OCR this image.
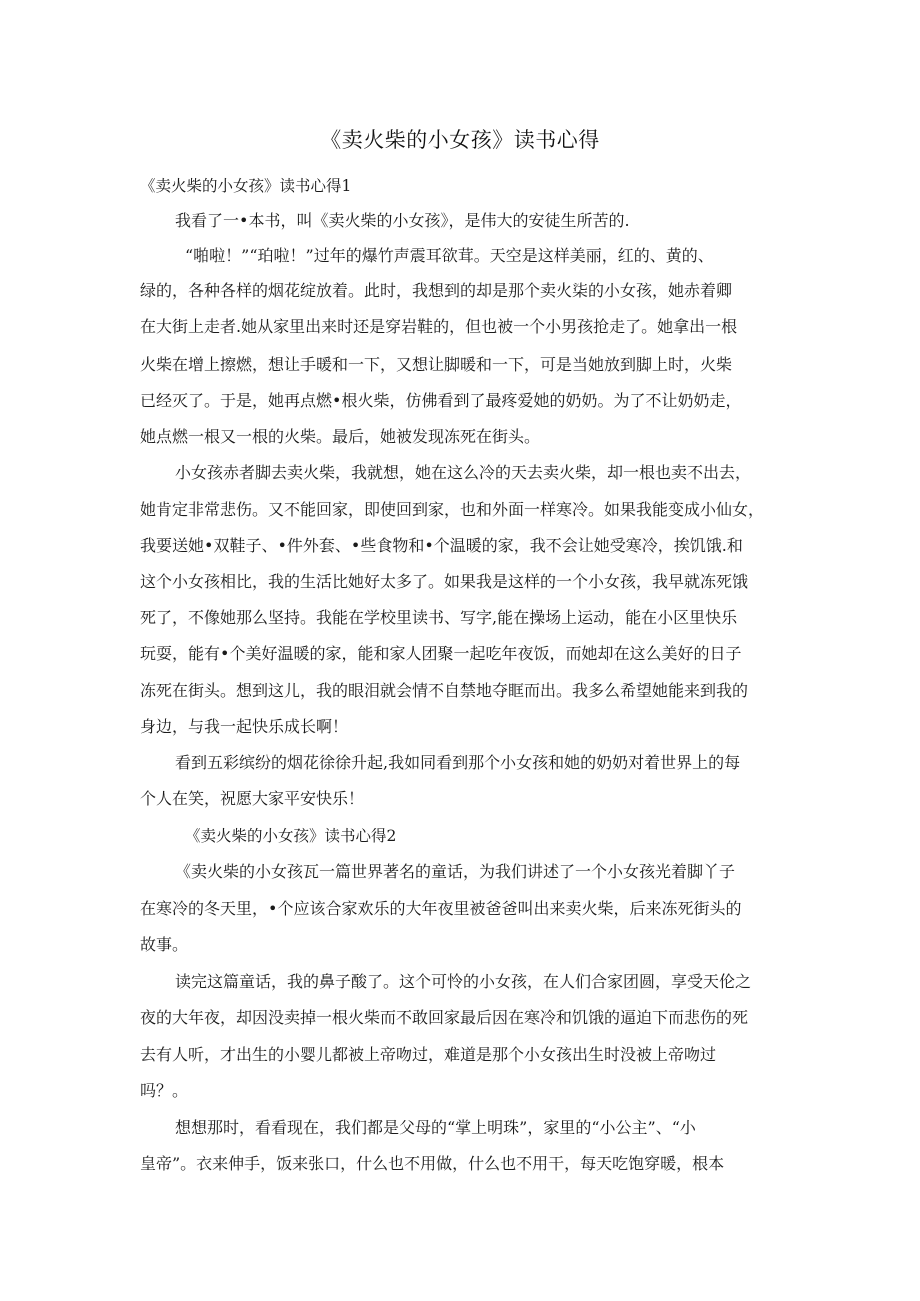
《卖火柴的小女孩》读书心得

《卖火柴的小女孩》读书心得1

我看了一•本书，叫《卖火柴的小女孩》，是伟大的安徒生所苦的.

“啪啦！”“珀啦！”过年的爆竹声震耳欲茸。天空是这样美丽，红的、黄的、

绿的，各种各样的烟花绽放着。此时，我想到的却是那个卖火柒的小女孩，她赤着卿

在大街上走者.她从家里出来时还是穿岩鞋的，但也被一个小男孩抢走了。她拿出一根

火柴在增上擦燃，想让手暖和一下，又想让脚暖和一下，可是当她放到脚上时，火柴

已经灭了。于是，她再点燃•根火柴，仿佛看到了最疼爱她的奶奶。为了不让奶奶走，

她点燃一根又一根的火柴。最后，她被发现冻死在街头。

小女孩赤者脚去卖火柴，我就想，她在这么冷的天去卖火柴，却一根也卖不出去，

她肯定非常悲伤。又不能回家，即使回到家，也和外面一样寒冷。如果我能变成小仙女，

我要送她•双鞋子、•件外套、•些食物和•个温暖的家，我不会让她受寒冷，挨饥饿.和

这个小女孩相比，我的生活比她好太多了。如果我是这样的一个小女孩，我早就冻死饿

死了，不像她那么坚持。我能在学校里读书、写字,能在操场上运动，能在小区里快乐

玩耍，能有•个美好温暖的家，能和家人团聚一起吃年夜饭，而她却在这么美好的日子

冻死在街头。想到这儿，我的眼泪就会情不自禁地夺眶而出。我多么希望她能来到我的

身边，与我一起快乐成长啊！

看到五彩缤纷的烟花徐徐升起,我如同看到那个小女孩和她的奶奶对着世界上的每

个人在笑，祝愿大家平安快乐！

《卖火柴的小女孩》读书心得2

《卖火柴的小女孩瓦一篇世界著名的童话，为我们讲述了一个小女孩光着脚丫子

在寒冷的冬天里，•个应该合家欢乐的大年夜里被爸爸叫出来卖火柴，后来冻死街头的

故事。

读完这篇童话，我的鼻子酸了。这个可怜的小女孩，在人们合家团圆，享受天伦之

夜的大年夜，却因没卖掉一根火柴而不敢回家最后因在寒冷和饥饿的逼迫下而悲伤的死

去有人听，才出生的小婴儿都被上帝吻过，难道是那个小女孩出生时没被上帝吻过

吗？。

想想那时，看看现在，我们都是父母的“掌上明珠”，家里的“小公主”、“小

皇帝”。衣来伸手，饭来张口，什么也不用做，什么也不用干，每天吃饱穿暖，根本
